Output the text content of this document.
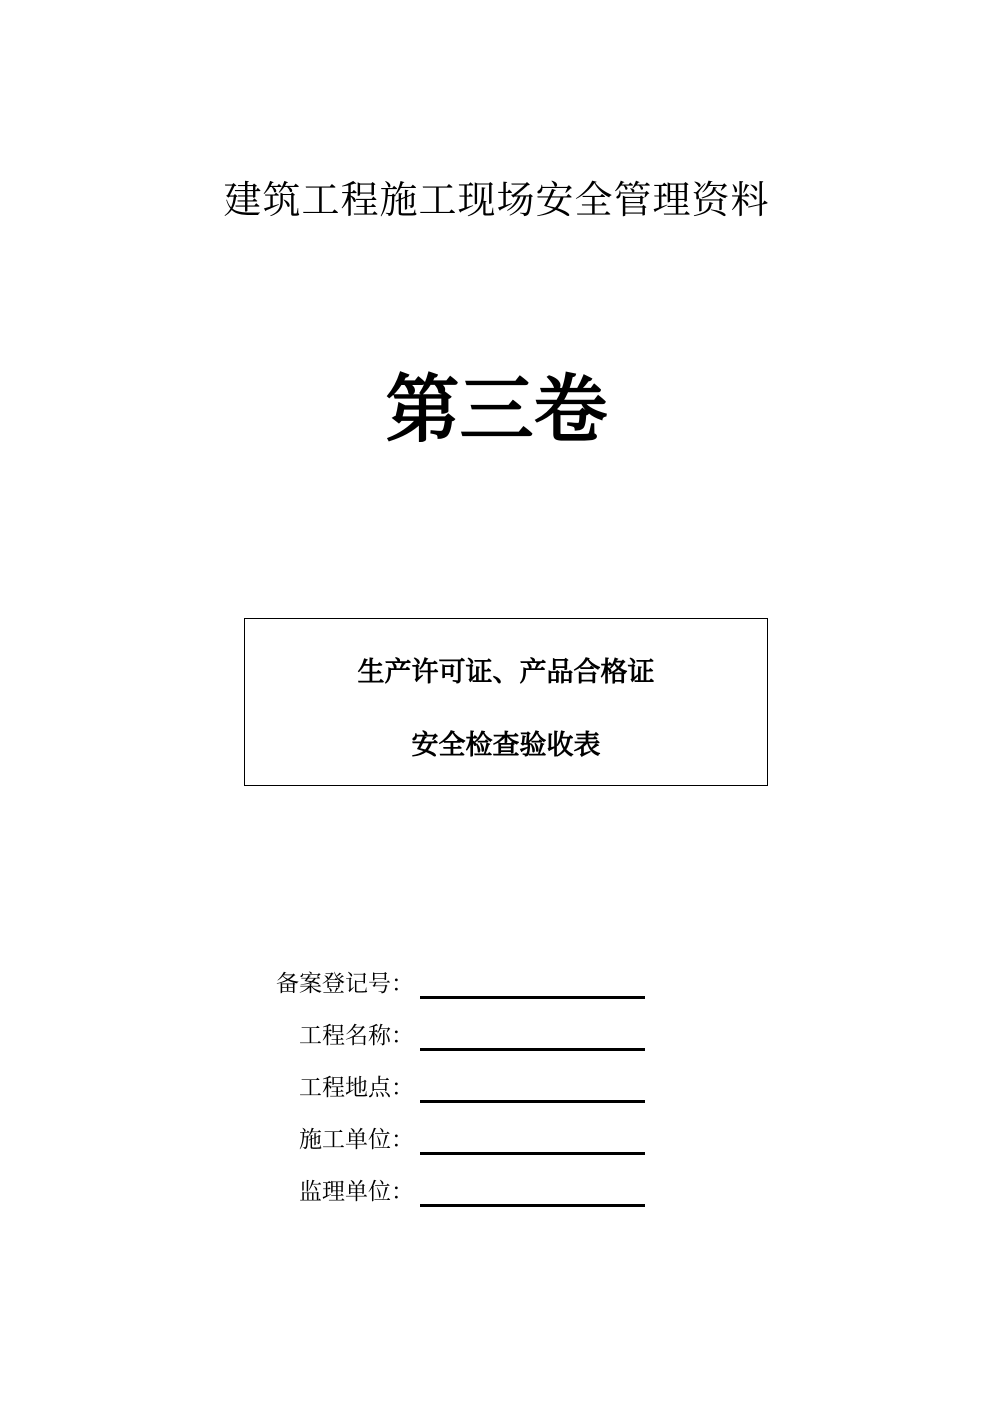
建筑工程施工现场安全管理资料
第三卷
生产许可证、产品合格证
安全检查验收表
备案登记号：
工程名称：
工程地点：
施工单位：
监理单位：
